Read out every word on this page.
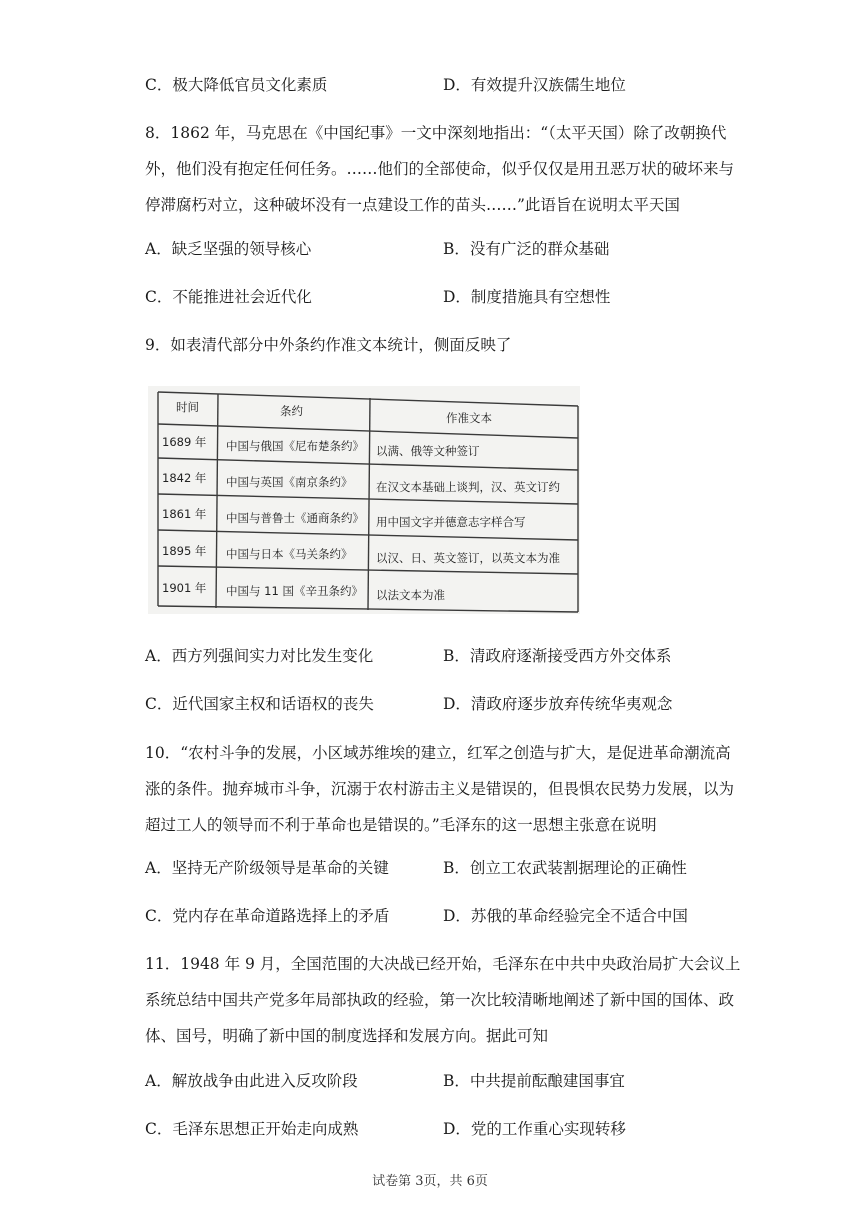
C．极大降低官员文化素质	D．有效提升汉族儒生地位
8．1862 年，马克思在《中国纪事》一文中深刻地指出：“（太平天国）除了改朝换代
外，他们没有抱定任何任务。……他们的全部使命，似乎仅仅是用丑恶万状的破坏来与
停滞腐朽对立，这种破坏没有一点建设工作的苗头……”此语旨在说明太平天国
A．缺乏坚强的领导核心	B．没有广泛的群众基础
C．不能推进社会近代化	D．制度措施具有空想性
9．如表清代部分中外条约作准文本统计，侧面反映了
时间	条约	作准文本
1689 年 中国与俄国《尼布楚条约》 以满、俄等文种签订
1842 年 中国与英国《南京条约》 在汉文本基础上谈判，汉、英文订约
1861 年 中国与普鲁士《通商条约》 用中国文字并德意志字样合写
1895 年 中国与日本《马关条约》 以汉、日、英文签订，以英文本为准
1901 年 中国与 11 国《辛丑条约》 以法文本为准
A．西方列强间实力对比发生变化	B．清政府逐渐接受西方外交体系
C．近代国家主权和话语权的丧失	D．清政府逐步放弃传统华夷观念
10．“农村斗争的发展，小区域苏维埃的建立，红军之创造与扩大，是促进革命潮流高
涨的条件。抛弃城市斗争，沉溺于农村游击主义是错误的，但畏惧农民势力发展，以为
超过工人的领导而不利于革命也是错误的。”毛泽东的这一思想主张意在说明
A．坚持无产阶级领导是革命的关键	B．创立工农武装割据理论的正确性
C．党内存在革命道路选择上的矛盾	D．苏俄的革命经验完全不适合中国
11．1948 年 9 月，全国范围的大决战已经开始，毛泽东在中共中央政治局扩大会议上
系统总结中国共产党多年局部执政的经验，第一次比较清晰地阐述了新中国的国体、政
体、国号，明确了新中国的制度选择和发展方向。据此可知
A．解放战争由此进入反攻阶段	B．中共提前酝酿建国事宜
C．毛泽东思想正开始走向成熟	D．党的工作重心实现转移
试卷第 3页，共 6页
